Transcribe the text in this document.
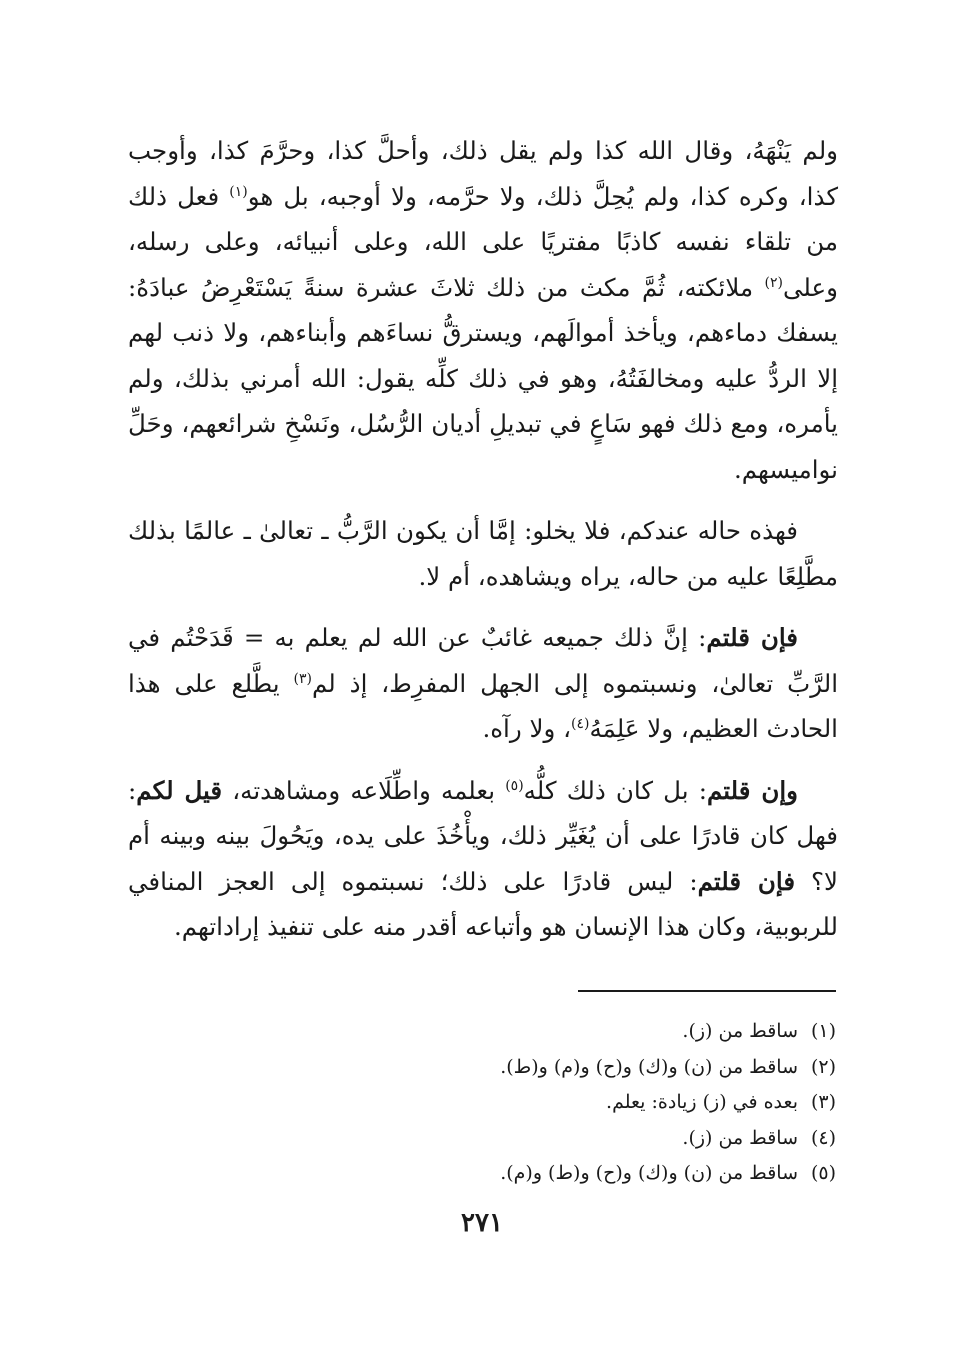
ولم يَنْهَهُ، وقال الله كذا ولم يقل ذلك، وأحلَّ كذا، وحرَّمَ كذا، وأوجب كذا، وكره كذا، ولم يُحِلَّ ذلك، ولا حرَّمه، ولا أوجبه، بل هو$^{(١)}$ فعل ذلك من تلقاء نفسه كاذبًا مفتريًا على الله، وعلى أنبيائه، وعلى رسله، وعلى$^{(٢)}$ ملائكته، ثُمَّ مكث من ذلك ثلاثَ عشرة سنةً يَسْتَعْرِضُ عبادَهُ: يسفك دماءهم، ويأخذ أموالَهم، ويسترقُّ نساءَهم وأبناءهم، ولا ذنب لهم إلا الردُّ عليه ومخالفَتُهُ، وهو في ذلك كلِّه يقول: الله أمرني بذلك، ولم يأمره، ومع ذلك فهو سَاعٍ في تبديلِ أديان الرُّسُل، ونَسْخِ شرائعهم، وحَلِّ نواميسهم.

فهذه حاله عندكم، فلا يخلو: إمَّا أن يكون الرَّبُّ ـ تعالىٰ ـ عالمًا بذلك مطَّلِعًا عليه من حاله، يراه ويشاهده، أم لا.

فإن قلتم: إنَّ ذلك جميعه غائبٌ عن الله لم يعلم به = قَدَحْتُم في الرَّبِّ تعالىٰ، ونسبتموه إلى الجهل المفرِط، إذ لم$^{(٣)}$ يطَّلع على هذا الحادث العظيم، ولا عَلِمَهُ$^{(٤)}$، ولا رآه.

وإن قلتم: بل كان ذلك كلُّه$^{(٥)}$ بعلمه واطِّلَاعه ومشاهدته، قيل لكم: فهل كان قادرًا على أن يُغَيِّر ذلك، ويأْخُذَ على يده، ويَحُولَ بينه وبينه أم لا؟ فإن قلتم: ليس قادرًا على ذلك؛ نسبتموه إلى العجز المنافي للربوبية، وكان هذا الإنسان هو وأتباعه أقدر منه على تنفيذ إراداتهم.

(١)ساقط من (ز).
(٢)ساقط من (ن) و(ك) و(ح) و(م) و(ط).
(٣)بعده في (ز) زيادة: يعلم.
(٤)ساقط من (ز).
(٥)ساقط من (ن) و(ك) و(ح) و(ط) و(م).
٢٧١
